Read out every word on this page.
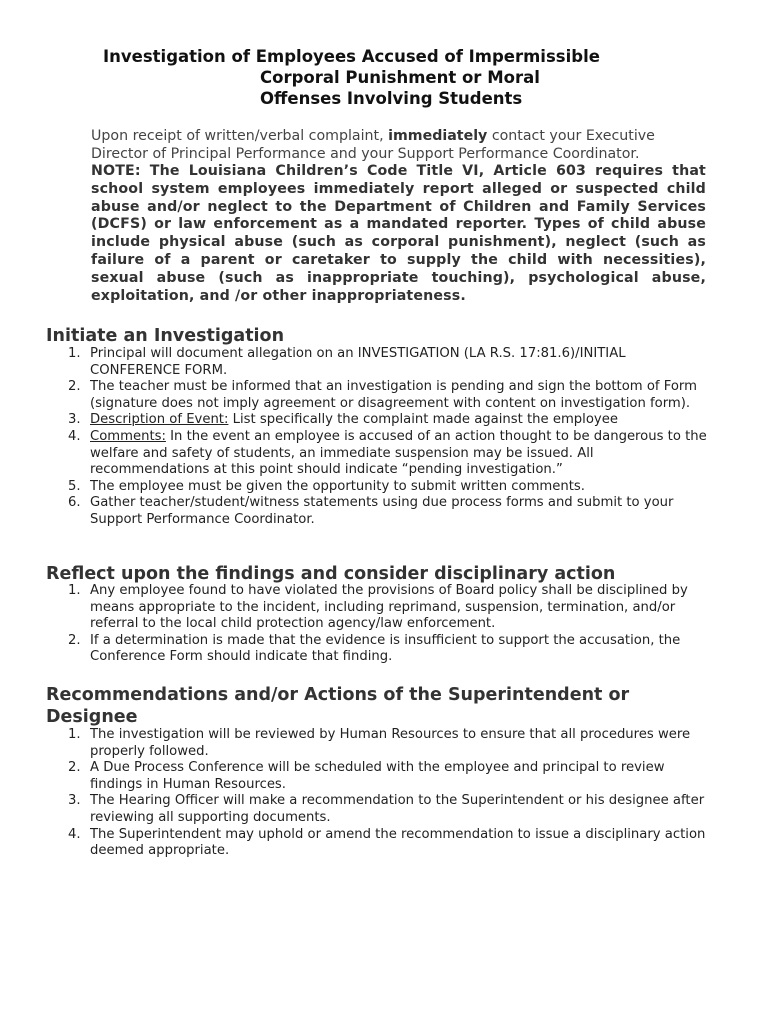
Investigation of Employees Accused of Impermissible
Corporal Punishment or Moral
Offenses Involving Students
Upon receipt of written/verbal complaint, immediately contact your Executive Director of Principal Performance and your Support Performance Coordinator.
NOTE: The Louisiana Children’s Code Title VI, Article 603 requires that school system employees immediately report alleged or suspected child abuse and/or neglect to the Department of Children and Family Services (DCFS) or law enforcement as a mandated reporter. Types of child abuse include physical abuse (such as corporal punishment), neglect (such as failure of a parent or caretaker to supply the child with necessities), sexual abuse (such as inappropriate touching), psychological abuse, exploitation, and /or other inappropriateness.
Initiate an Investigation
1. Principal will document allegation on an INVESTIGATION (LA R.S. 17:81.6)/INITIAL CONFERENCE FORM.
2. The teacher must be informed that an investigation is pending and sign the bottom of Form (signature does not imply agreement or disagreement with content on investigation form).
3. Description of Event: List specifically the complaint made against the employee
4. Comments: In the event an employee is accused of an action thought to be dangerous to the welfare and safety of students, an immediate suspension may be issued. All recommendations at this point should indicate “pending investigation.”
5. The employee must be given the opportunity to submit written comments.
6. Gather teacher/student/witness statements using due process forms and submit to your Support Performance Coordinator.
Reflect upon the findings and consider disciplinary action
1. Any employee found to have violated the provisions of Board policy shall be disciplined by means appropriate to the incident, including reprimand, suspension, termination, and/or referral to the local child protection agency/law enforcement.
2. If a determination is made that the evidence is insufficient to support the accusation, the Conference Form should indicate that finding.
Recommendations and/or Actions of the Superintendent or Designee
1. The investigation will be reviewed by Human Resources to ensure that all procedures were properly followed.
2. A Due Process Conference will be scheduled with the employee and principal to review findings in Human Resources.
3. The Hearing Officer will make a recommendation to the Superintendent or his designee after reviewing all supporting documents.
4. The Superintendent may uphold or amend the recommendation to issue a disciplinary action deemed appropriate.
